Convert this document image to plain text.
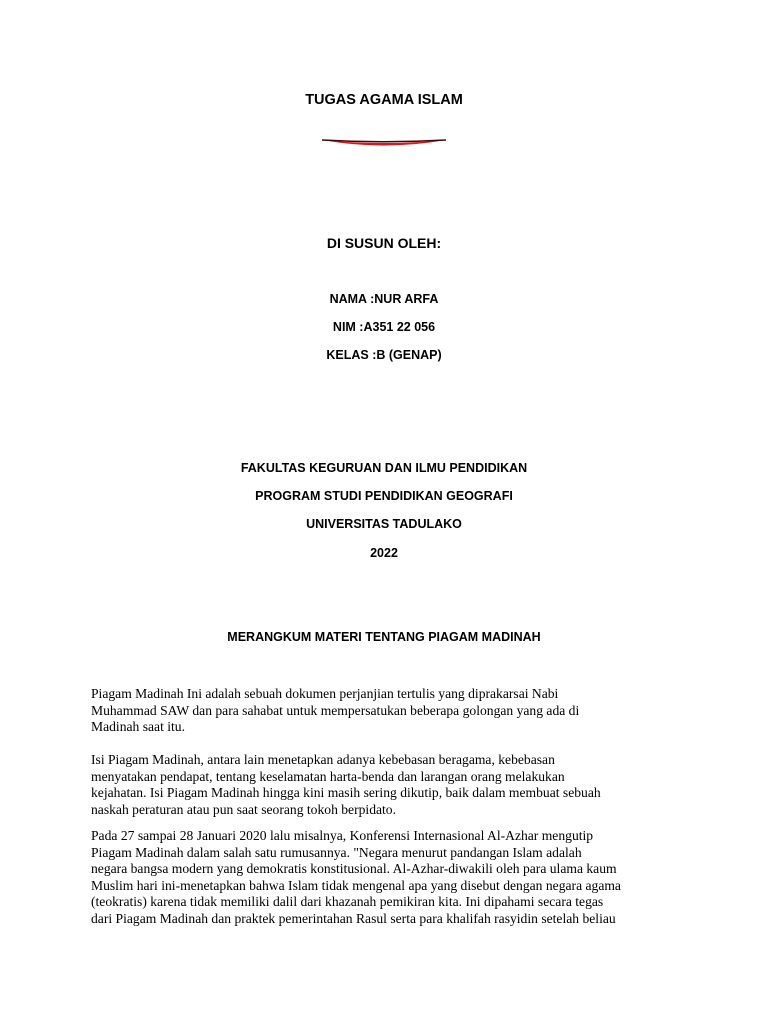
TUGAS AGAMA ISLAM
DI SUSUN OLEH:
NAMA :NUR ARFA
NIM :A351 22 056
KELAS :B (GENAP)
FAKULTAS KEGURUAN DAN ILMU PENDIDIKAN
PROGRAM STUDI PENDIDIKAN GEOGRAFI
UNIVERSITAS TADULAKO
2022
MERANGKUM MATERI TENTANG PIAGAM MADINAH
Piagam Madinah Ini adalah sebuah dokumen perjanjian tertulis yang diprakarsai Nabi
Muhammad SAW dan para sahabat untuk mempersatukan beberapa golongan yang ada di
Madinah saat itu.
Isi Piagam Madinah, antara lain menetapkan adanya kebebasan beragama, kebebasan
menyatakan pendapat, tentang keselamatan harta-benda dan larangan orang melakukan
kejahatan. Isi Piagam Madinah hingga kini masih sering dikutip, baik dalam membuat sebuah
naskah peraturan atau pun saat seorang tokoh berpidato.
Pada 27 sampai 28 Januari 2020 lalu misalnya, Konferensi Internasional Al-Azhar mengutip
Piagam Madinah dalam salah satu rumusannya. "Negara menurut pandangan Islam adalah
negara bangsa modern yang demokratis konstitusional. Al-Azhar-diwakili oleh para ulama kaum
Muslim hari ini-menetapkan bahwa Islam tidak mengenal apa yang disebut dengan negara agama
(teokratis) karena tidak memiliki dalil dari khazanah pemikiran kita. Ini dipahami secara tegas
dari Piagam Madinah dan praktek pemerintahan Rasul serta para khalifah rasyidin setelah beliau
